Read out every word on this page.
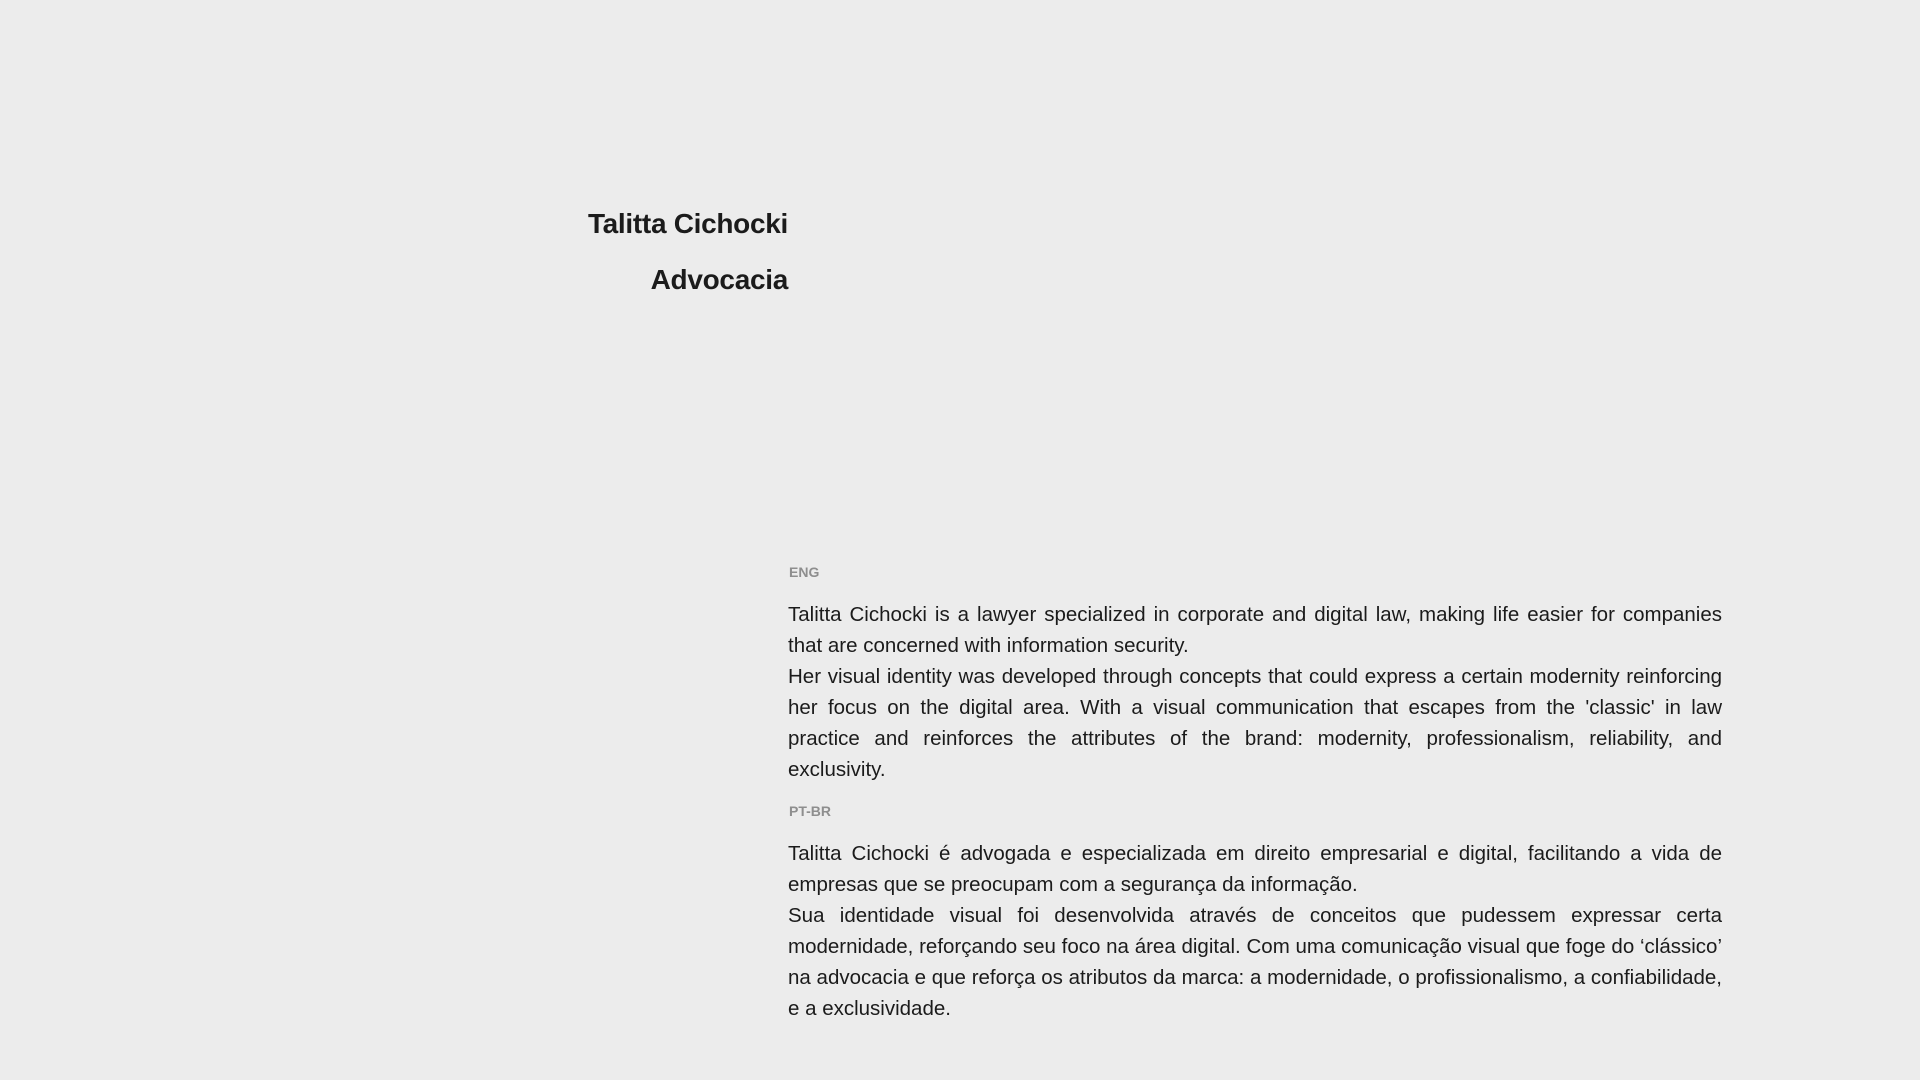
Talitta Cichocki
Advocacia
ENG

Talitta Cichocki is a lawyer specialized in corporate and digital law, making life easier for companies that are concerned with information security.

Her visual identity was developed through concepts that could express a certain modernity reinforcing her focus on the digital area. With a visual communication that escapes from the 'classic' in law practice and reinforces the attributes of the brand: modernity, professionalism, reliability, and exclusivity.

PT-BR

Talitta Cichocki é advogada e especializada em direito empresarial e digital, facilitando a vida de empresas que se preocupam com a segurança da informação.

Sua identidade visual foi desenvolvida através de conceitos que pudessem expressar certa modernidade, reforçando seu foco na área digital. Com uma comunicação visual que foge do ‘clássico’ na advocacia e que reforça os atributos da marca: a modernidade, o profissionalismo, a confiabilidade, e a exclusividade.
